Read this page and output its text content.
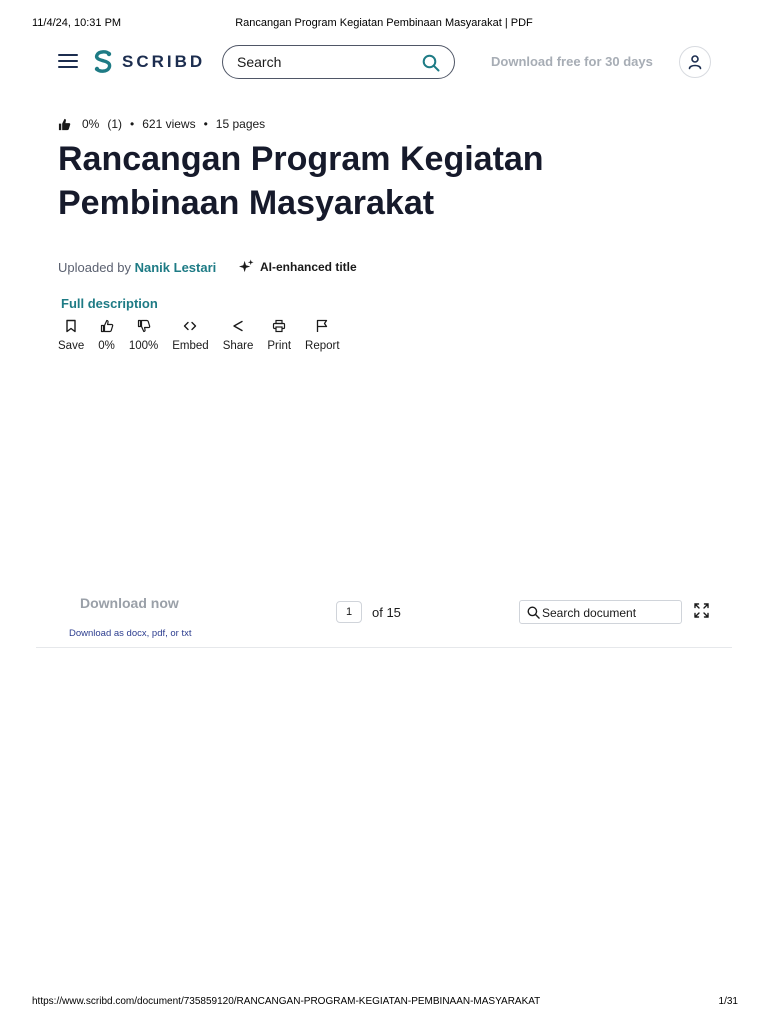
11/4/24, 10:31 PM	Rancangan Program Kegiatan Pembinaan Masyarakat | PDF
SCRIBD
Search	Download free for 30 days
0% (1) • 621 views • 15 pages
Rancangan Program Kegiatan Pembinaan Masyarakat
Uploaded by Nanik Lestari	AI-enhanced title
Full description
Save 0% 100% Embed Share Print Report
Download now
Download as docx, pdf, or txt
1
of 15
Search document
https://www.scribd.com/document/735859120/RANCANGAN-PROGRAM-KEGIATAN-PEMBINAAN-MASYARAKAT	1/31
